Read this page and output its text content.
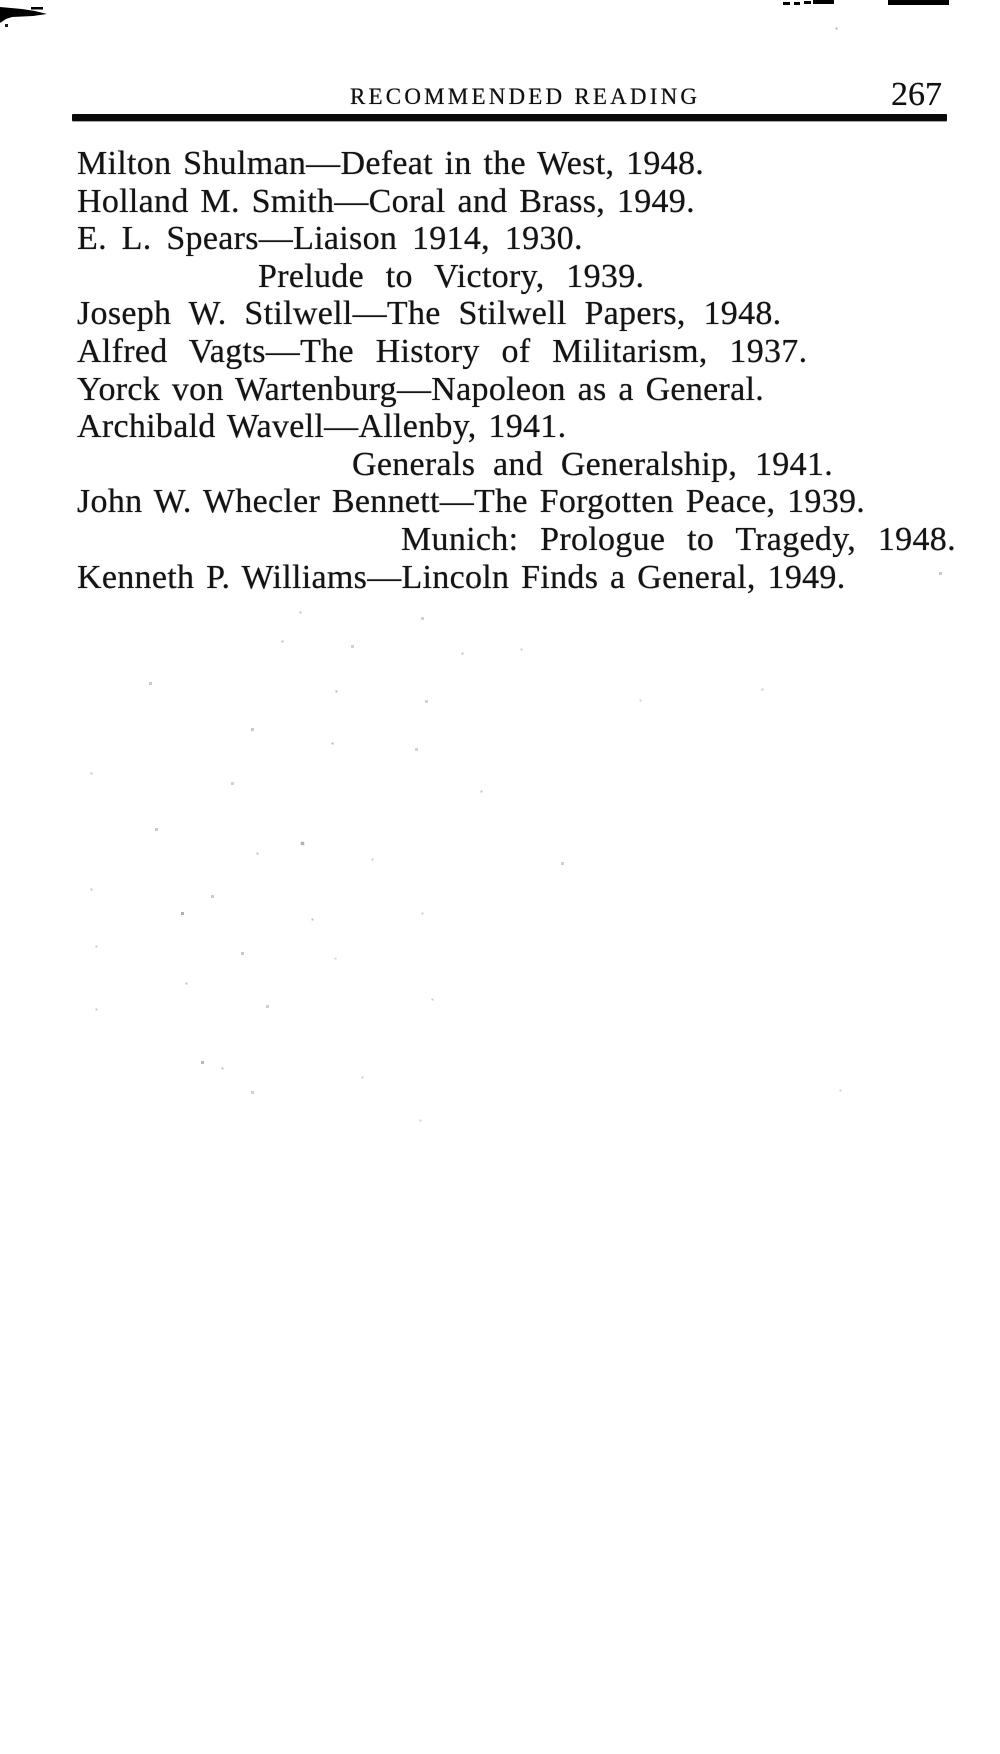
RECOMMENDED READING	267
Milton Shulman—Defeat in the West, 1948.
Holland M. Smith—Coral and Brass, 1949.
E. L. Spears—Liaison 1914, 1930.
Prelude to Victory, 1939.
Joseph W. Stilwell—The Stilwell Papers, 1948.
Alfred Vagts—The History of Militarism, 1937.
Yorck von Wartenburg—Napoleon as a General.
Archibald Wavell—Allenby, 1941.
Generals and Generalship, 1941.
John W. Whecler Bennett—The Forgotten Peace, 1939.
Munich: Prologue to Tragedy, 1948.
Kenneth P. Williams—Lincoln Finds a General, 1949.
